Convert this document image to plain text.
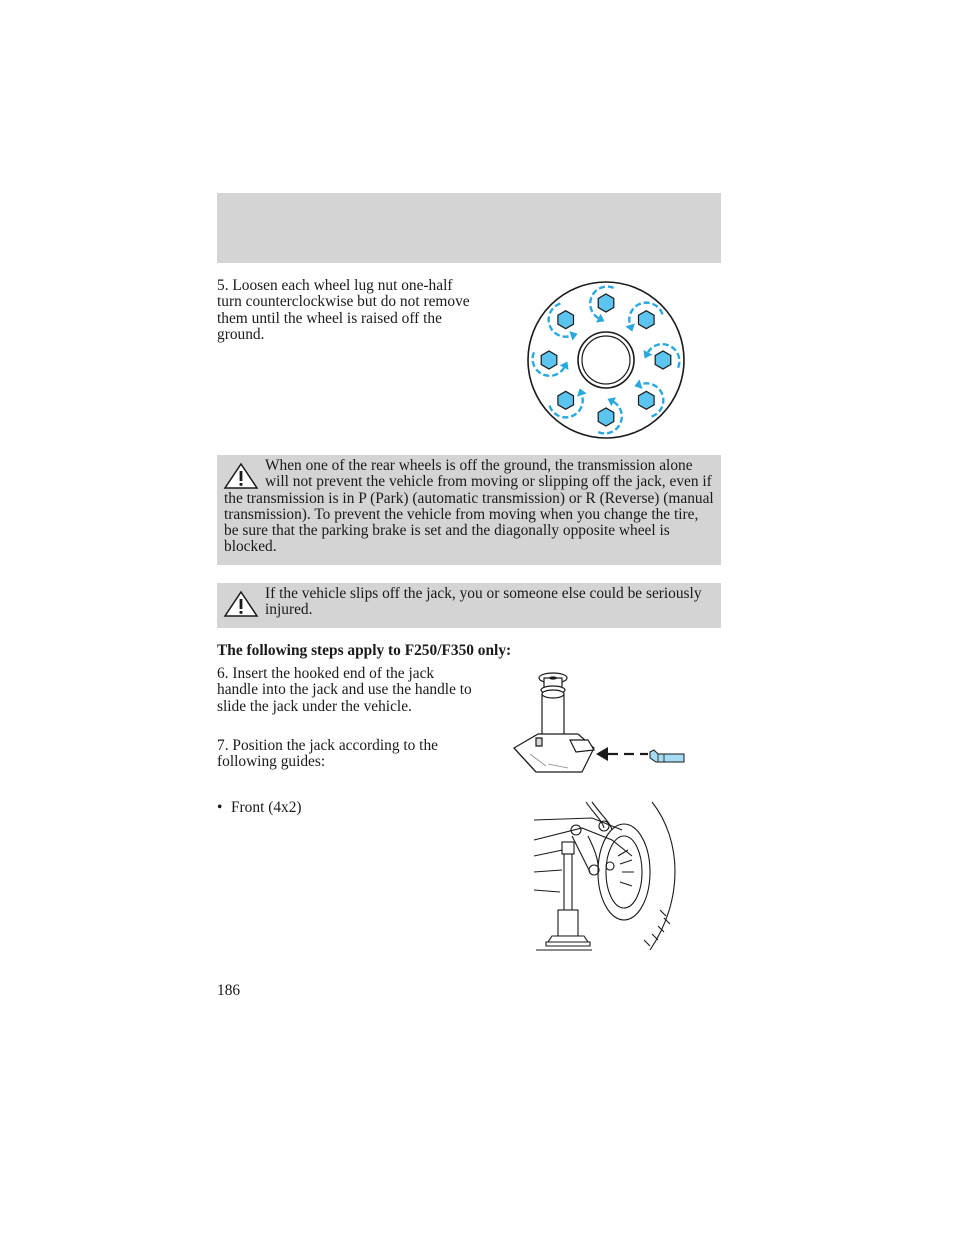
5. Loosen each wheel lug nut one-half turn counterclockwise but do not remove them until the wheel is raised off the ground.

When one of the rear wheels is off the ground, the transmission alone will not prevent the vehicle from moving or slipping off the jack, even if the transmission is in P (Park) (automatic transmission) or R (Reverse) (manual transmission). To prevent the vehicle from moving when you change the tire, be sure that the parking brake is set and the diagonally opposite wheel is blocked.

If the vehicle slips off the jack, you or someone else could be seriously injured.

The following steps apply to F250/F350 only:

6. Insert the hooked end of the jack handle into the jack and use the handle to slide the jack under the vehicle.

7. Position the jack according to the following guides:

• Front (4x2)

186
